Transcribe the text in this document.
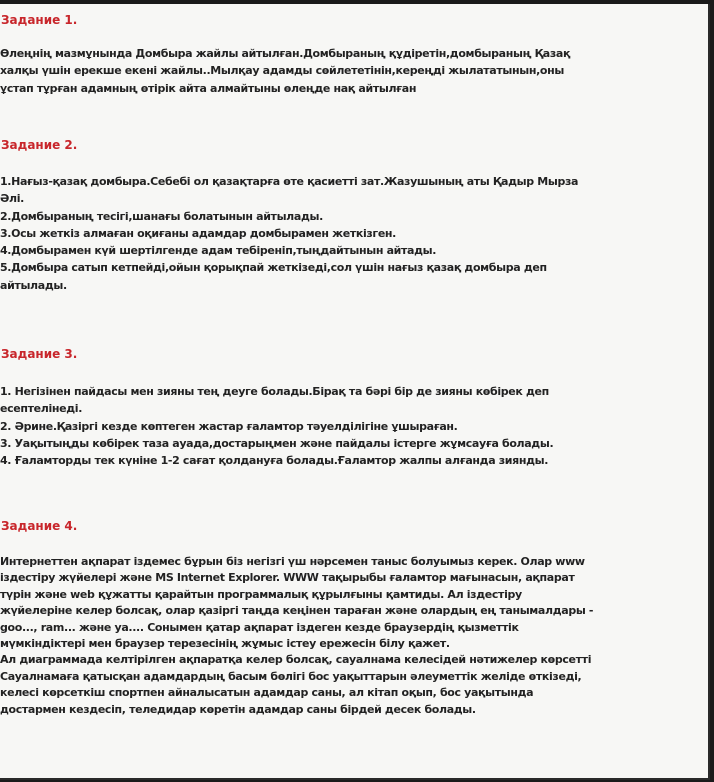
Задание 1.

Өлеңнің мазмұнында Домбыра жайлы айтылған.Домбыраның құдіретін,домбыраның Қазақ
халқы үшін ерекше екені жайлы..Мылқау адамды сөйлететінін,кереңді жылататынын,оны
ұстап тұрған адамның өтірік айта алмайтыны өлеңде нақ айтылған

Задание 2.

1.Нағыз-қазақ домбыра.Себебі ол қазақтарға өте қасиетті зат.Жазушының аты Қадыр Мырза
Әлі.
2.Домбыраның тесігі,шанағы болатынын айтылады.
3.Осы жеткіз алмаған оқиғаны адамдар домбырамен жеткізген.
4.Домбырамен күй шертілгенде адам тебіреніп,тыңдайтынын айтады.
5.Домбыра сатып кетпейді,ойын қорықпай жеткізеді,сол үшін нағыз қазақ домбыра деп
айтылады.

Задание 3.

1. Негізінен пайдасы мен зияны тең деуге болады.Бірақ та бәрі бір де зияны көбірек деп
есептелінеді.
2. Әрине.Қазіргі кезде көптеген жастар ғаламтор тәуелділігіне ұшыраған.
3. Уақытыңды көбірек таза ауада,достарыңмен және пайдалы істерге жұмсауға болады.
4. Ғаламторды тек күніне 1-2 сағат қолдануға болады.Ғаламтор жалпы алғанда зиянды.

Задание 4.

Интернеттен ақпарат іздемес бұрын біз негізгі үш нәрсемен таныс болуымыз керек. Олар www
іздестіру жүйелері және MS Internet Explorer. WWW тақырыбы ғаламтор мағынасын, ақпарат
түрін және web құжатты қарайтын программалық құрылғыны қамтиды. Ал іздестіру
жүйелеріне келер болсақ, олар қазіргі таңда кеңінен тараған және олардың ең танымалдары -
goo..., ram... және ya.... Сонымен қатар ақпарат іздеген кезде браузердің қызметтік
мүмкіндіктері мен браузер терезесінің жұмыс істеу ережесін білу қажет.
Ал диаграммада келтірілген ақпаратқа келер болсақ, сауалнама келесідей нәтижелер көрсетті
Сауалнамаға қатысқан адамдардың басым бөлігі бос уақыттарын әлеуметтік желіде өткізеді,
келесі көрсеткіш спортпен айналысатын адамдар саны, ал кітап оқып, бос уақытында
достармен кездесіп, теледидар көретін адамдар саны бірдей десек болады.
